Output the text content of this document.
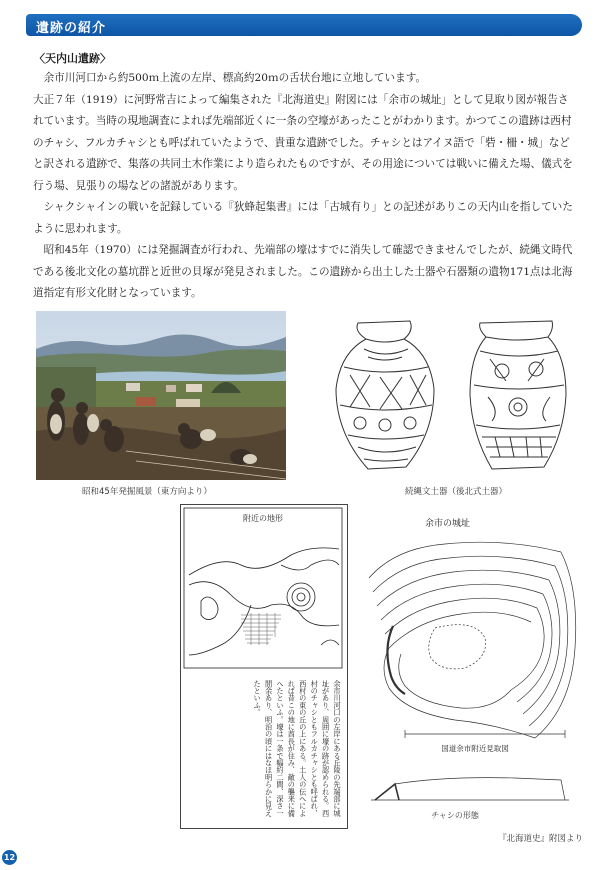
遺跡の紹介
〈天内山遺跡〉

余市川河口から約500ｍ上流の左岸、標高約20ｍの舌状台地に立地しています。

大正７年（1919）に河野常吉によって編集された『北海道史』附図には「余市の城址」として見取り図が報告されています。当時の現地調査によれば先端部近くに一条の空壕があったことがわかります。かつてこの遺跡は西村のチャシ、フルカチャシとも呼ばれていたようで、貴重な遺跡でした。チャシとはアイヌ語で「砦・柵・城」などと訳される遺跡で、集落の共同土木作業により造られたものですが、その用途については戦いに備えた場、儀式を行う場、見張りの場などの諸説があります。

シャクシャインの戦いを記録している『狄蜂起集書』には「古城有り」との記述がありこの天内山を指していたように思われます。

昭和45年（1970）には発掘調査が行われ、先端部の壕はすでに消失して確認できませんでしたが、続縄文時代である後北文化の墓坑群と近世の貝塚が発見されました。この遺跡から出土した土器や石器類の遺物171点は北海道指定有形文化財となっています。

昭和45年発掘風景（東方向より）	続縄文土器（後北式土器）
附近の地形
余市川河口の左岸にある丘陵の先端部に城址があり、周囲に壕の跡が認められる。西村のチャシともフルカチャシとも呼ばれ、西村の東の丘の上にある。土人の伝へによれば昔この地に酋長が住み、敵の襲来に備へたといふ。壕は一条で幅約二間、深さ一間余あり、明治の頃にはなほ明らかに見えたといふ。
余市の城址
国道余市附近見取図
チャシの形態
『北海道史』附図より
12
